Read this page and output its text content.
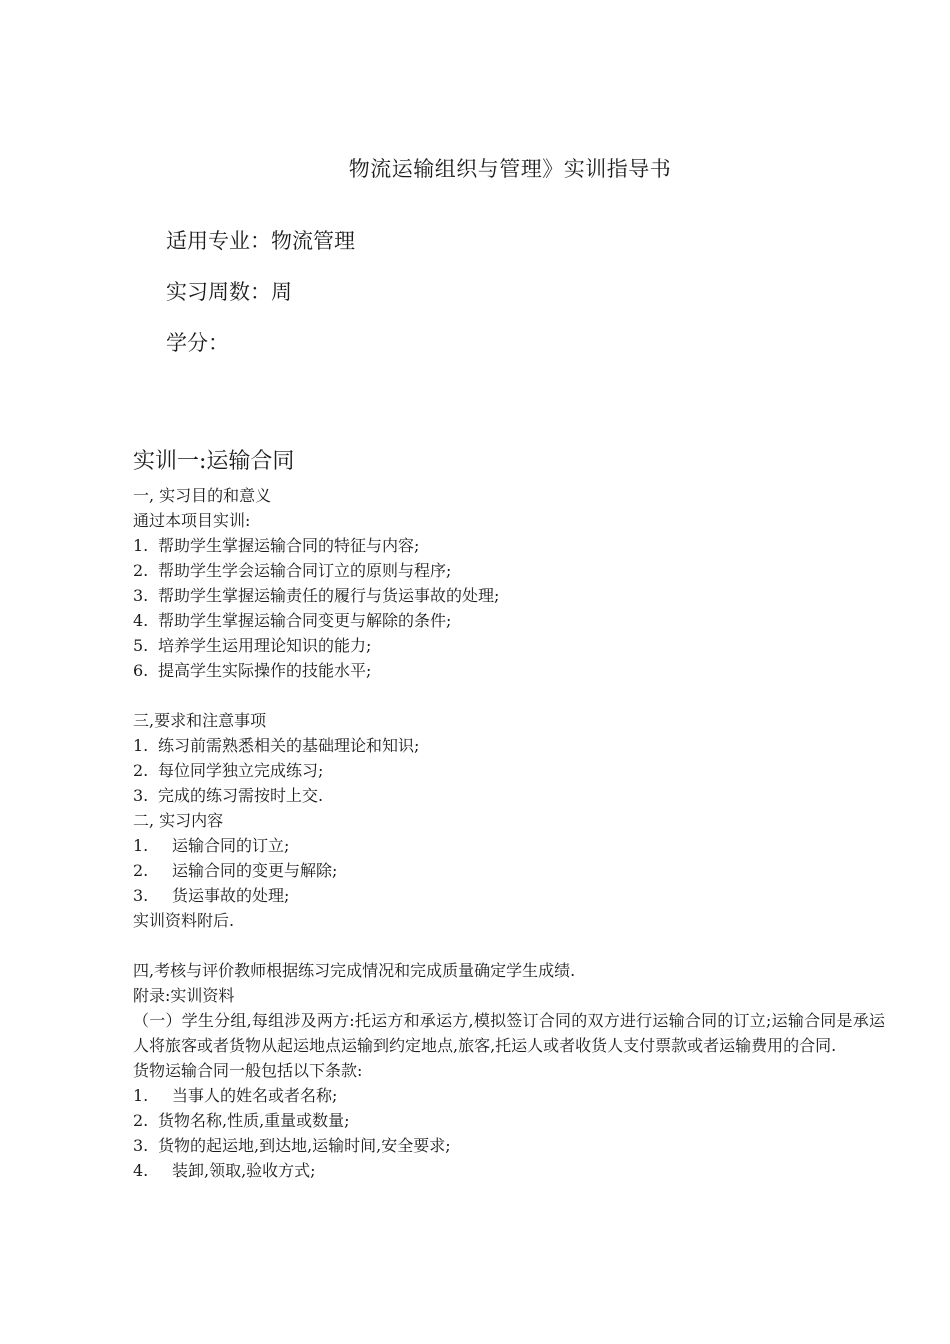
物流运输组织与管理》实训指导书
适用专业：物流管理
实习周数：周
学分：
实训一:运输合同
一, 实习目的和意义
通过本项目实训:
1. 帮助学生掌握运输合同的特征与内容;
2. 帮助学生学会运输合同订立的原则与程序;
3. 帮助学生掌握运输责任的履行与货运事故的处理;
4. 帮助学生掌握运输合同变更与解除的条件;
5. 培养学生运用理论知识的能力;
6. 提高学生实际操作的技能水平;
三,要求和注意事项
1. 练习前需熟悉相关的基础理论和知识;
2. 每位同学独立完成练习;
3. 完成的练习需按时上交.
二, 实习内容
1. 运输合同的订立;
2. 运输合同的变更与解除;
3. 货运事故的处理;
实训资料附后.
四,考核与评价教师根据练习完成情况和完成质量确定学生成绩.
附录:实训资料
（一）学生分组,每组涉及两方:托运方和承运方,模拟签订合同的双方进行运输合同的订立;运输合同是承运人将旅客或者货物从起运地点运输到约定地点,旅客,托运人或者收货人支付票款或者运输费用的合同.
货物运输合同一般包括以下条款:
1. 当事人的姓名或者名称;
2. 货物名称,性质,重量或数量;
3. 货物的起运地,到达地,运输时间,安全要求;
4. 装卸,领取,验收方式;
